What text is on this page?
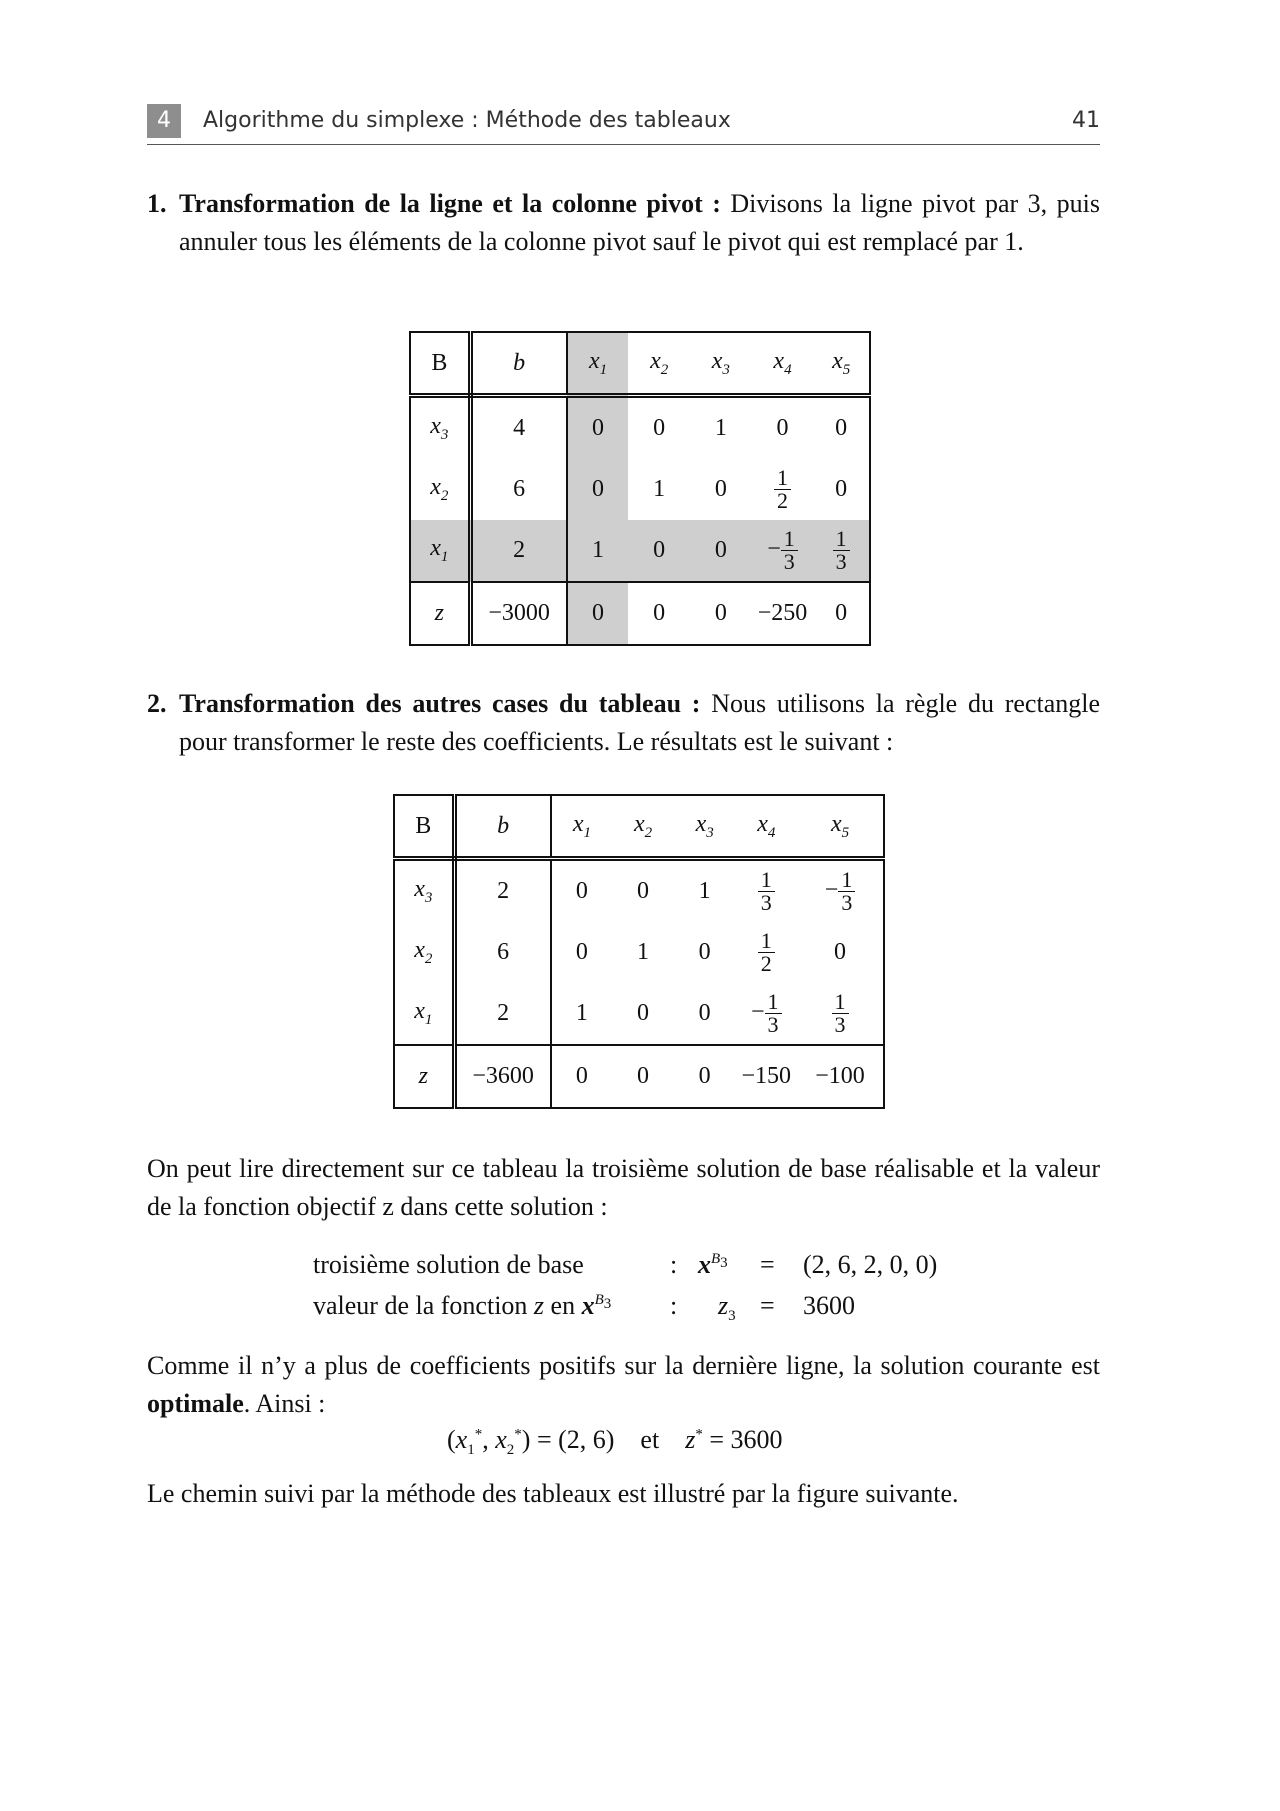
4	Algorithme du simplexe : Méthode des tableaux	41
1. Transformation de la ligne et la colonne pivot : Divisons la ligne pivot par 3, puis annuler tous les éléments de la colonne pivot sauf le pivot qui est remplacé par 1.
B	b	$x_1$	$x_2$	$x_3$	$x_4$	$x_5$
$x_3$	4	0	0	1	0	0
$x_2$	6	0	1	0	$\frac{1}{2}$	0
$x_1$	2	1	0	0	− $\frac{1}{3}$	$\frac{1}{3}$

z	−3000	0	0	0	−250	0
2. Transformation des autres cases du tableau : Nous utilisons la règle du rectangle pour transformer le reste des coefficients. Le résultats est le suivant :
B	b	$x_1$	$x_2$	$x_3$	$x_4$	$x_5$
$x_3$	2	0	0	1	$\frac{1}{3}$	− $\frac{1}{3}$

$x_2$	6	0	1	0	$\frac{1}{2}$	0
$x_1$	2	1	0	0	− $\frac{1}{3}$	$\frac{1}{3}$

z	−3600	0	0	0	−150	−100
On peut lire directement sur ce tableau la troisième solution de base réalisable et la valeur de la fonction objectif z dans cette solution :
troisième solution de base	: $x^{B_3} = (2$, 6, 2, 0, 0)
valeur de la fonction z en $x^{B_3}$ : $z_3 = 3600$
Comme il n’y a plus de coefficients positifs sur la dernière ligne, la solution courante est optimale. Ainsi :
($x_1^*$, $x_2^*) = (2$, 6) et z* = 3600
Le chemin suivi par la méthode des tableaux est illustré par la figure suivante.
